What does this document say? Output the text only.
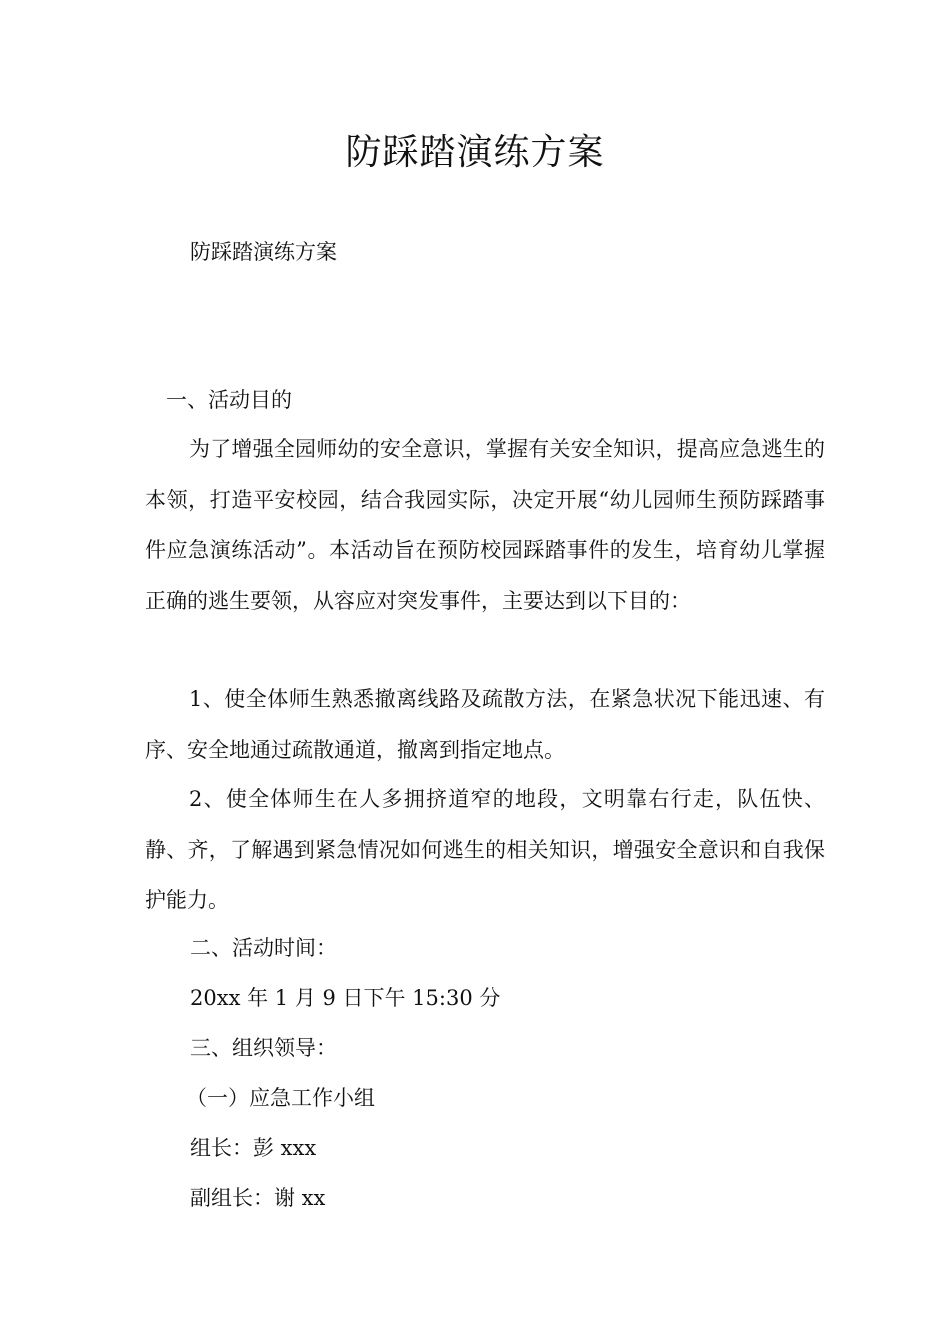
防踩踏演练方案

防踩踏演练方案

一、活动目的

为了增强全园师幼的安全意识，掌握有关安全知识，提高应急逃生的本领，打造平安校园，结合我园实际，决定开展“幼儿园师生预防踩踏事件应急演练活动”。本活动旨在预防校园踩踏事件的发生，培育幼儿掌握正确的逃生要领，从容应对突发事件，主要达到以下目的：

1、使全体师生熟悉撤离线路及疏散方法，在紧急状况下能迅速、有序、安全地通过疏散通道，撤离到指定地点。

2、使全体师生在人多拥挤道窄的地段，文明靠右行走，队伍快、静、齐，了解遇到紧急情况如何逃生的相关知识，增强安全意识和自我保护能力。

二、活动时间：

20xx 年 1 月 9 日下午 15:30 分

三、组织领导：

（一）应急工作小组

组长：彭 xxx

副组长：谢 xx
